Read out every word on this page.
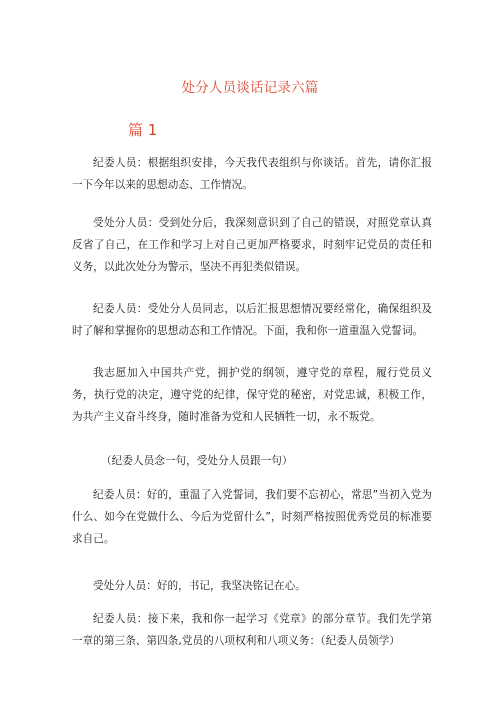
处分人员谈话记录六篇
篇 1

纪委人员：根据组织安排，今天我代表组织与你谈话。首先，请你汇报一下今年以来的思想动态、工作情况。

受处分人员：受到处分后，我深刻意识到了自己的错误，对照党章认真反省了自己，在工作和学习上对自己更加严格要求，时刻牢记党员的责任和义务，以此次处分为警示，坚决不再犯类似错误。

纪委人员：受处分人员同志，以后汇报思想情况要经常化，确保组织及时了解和掌握你的思想动态和工作情况。下面，我和你一道重温入党誓词。

我志愿加入中国共产党，拥护党的纲领，遵守党的章程，履行党员义务，执行党的决定，遵守党的纪律，保守党的秘密，对党忠诚，积极工作，为共产主义奋斗终身，随时准备为党和人民牺牲一切，永不叛党。

（纪委人员念一句，受处分人员跟一句）

纪委人员：好的，重温了入党誓词，我们要不忘初心，常思”当初入党为什么、如今在党做什么、今后为党留什么”，时刻严格按照优秀党员的标准要求自己。

受处分人员：好的，书记，我坚决铭记在心。

纪委人员：接下来，我和你一起学习《党章》的部分章节。我们先学第一章的第三条、第四条,党员的八项权利和八项义务：（纪委人员领学）
